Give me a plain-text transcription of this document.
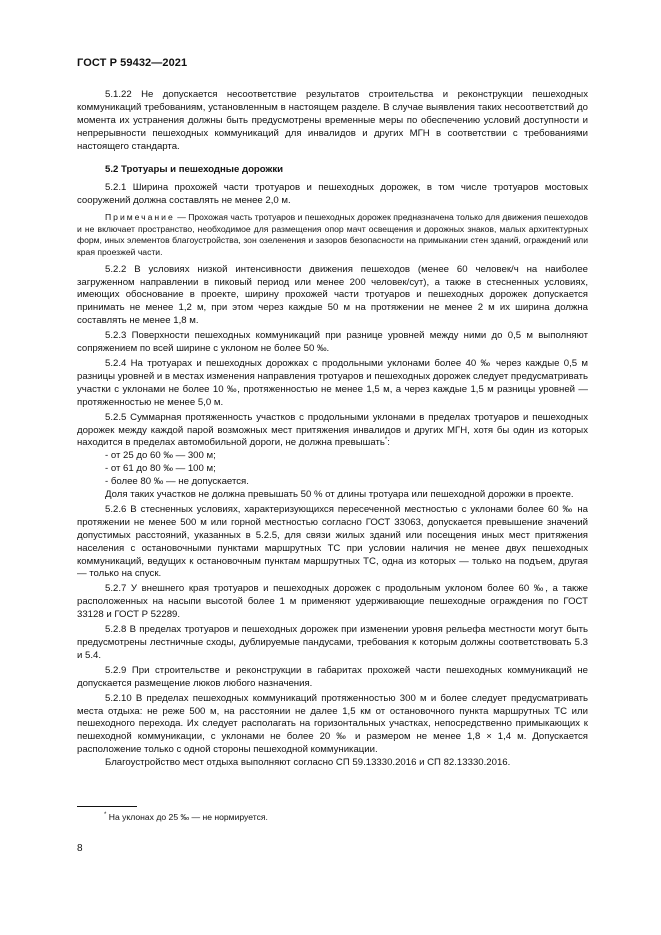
ГОСТ Р 59432—2021

5.1.22 Не допускается несоответствие результатов строительства и реконструкции пешеходных коммуникаций требованиям, установленным в настоящем разделе. В случае выявления таких несоответствий до момента их устранения должны быть предусмотрены временные меры по обеспечению условий доступности и непрерывности пешеходных коммуникаций для инвалидов и других МГН в соответствии с требованиями настоящего стандарта.

5.2 Тротуары и пешеходные дорожки

5.2.1 Ширина прохожей части тротуаров и пешеходных дорожек, в том числе тротуаров мостовых сооружений должна составлять не менее 2,0 м.

Примечание — Прохожая часть тротуаров и пешеходных дорожек предназначена только для движения пешеходов и не включает пространство, необходимое для размещения опор мачт освещения и дорожных знаков, малых архитектурных форм, иных элементов благоустройства, зон озеленения и зазоров безопасности на примыкании стен зданий, ограждений или края проезжей части.

5.2.2 В условиях низкой интенсивности движения пешеходов (менее 60 человек/ч на наиболее загруженном направлении в пиковый период или менее 200 человек/сут), а также в стесненных условиях, имеющих обоснование в проекте, ширину прохожей части тротуаров и пешеходных дорожек допускается принимать не менее 1,2 м, при этом через каждые 50 м на протяжении не менее 2 м их ширина должна составлять не менее 1,8 м.

5.2.3 Поверхности пешеходных коммуникаций при разнице уровней между ними до 0,5 м выполняют сопряжением по всей ширине с уклоном не более 50 ‰.

5.2.4 На тротуарах и пешеходных дорожках с продольными уклонами более 40 ‰ через каждые 0,5 м разницы уровней и в местах изменения направления тротуаров и пешеходных дорожек следует предусматривать участки с уклонами не более 10 ‰, протяженностью не менее 1,5 м, а через каждые 1,5 м разницы уровней — протяженностью не менее 5,0 м.

5.2.5 Суммарная протяженность участков с продольными уклонами в пределах тротуаров и пешеходных дорожек между каждой парой возможных мест притяжения инвалидов и других МГН, хотя бы один из которых находится в пределах автомобильной дороги, не должна превышать*:

- от 25 до 60 ‰ — 300 м;

- от 61 до 80 ‰ — 100 м;

- более 80 ‰ — не допускается.

Доля таких участков не должна превышать 50 % от длины тротуара или пешеходной дорожки в проекте.

5.2.6 В стесненных условиях, характеризующихся пересеченной местностью с уклонами более 60 ‰ на протяжении не менее 500 м или горной местностью согласно ГОСТ 33063, допускается превышение значений допустимых расстояний, указанных в 5.2.5, для связи жилых зданий или посещения иных мест притяжения населения с остановочными пунктами маршрутных ТС при условии наличия не менее двух пешеходных коммуникаций, ведущих к остановочным пунктам маршрутных ТС, одна из которых — только на подъем, другая — только на спуск.

5.2.7 У внешнего края тротуаров и пешеходных дорожек с продольным уклоном более 60 ‰, а также расположенных на насыпи высотой более 1 м применяют удерживающие пешеходные ограждения по ГОСТ 33128 и ГОСТ Р 52289.

5.2.8 В пределах тротуаров и пешеходных дорожек при изменении уровня рельефа местности могут быть предусмотрены лестничные сходы, дублируемые пандусами, требования к которым должны соответствовать 5.3 и 5.4.

5.2.9 При строительстве и реконструкции в габаритах прохожей части пешеходных коммуникаций не допускается размещение люков любого назначения.

5.2.10 В пределах пешеходных коммуникаций протяженностью 300 м и более следует предусматривать места отдыха: не реже 500 м, на расстоянии не далее 1,5 км от остановочного пункта маршрутных ТС или пешеходного перехода. Их следует располагать на горизонтальных участках, непосредственно примыкающих к пешеходной коммуникации, с уклонами не более 20 ‰ и размером не менее 1,8 × 1,4 м. Допускается расположение только с одной стороны пешеходной коммуникации.

Благоустройство мест отдыха выполняют согласно СП 59.13330.2016 и СП 82.13330.2016.

* На уклонах до 25 ‰ — не нормируется.
8
